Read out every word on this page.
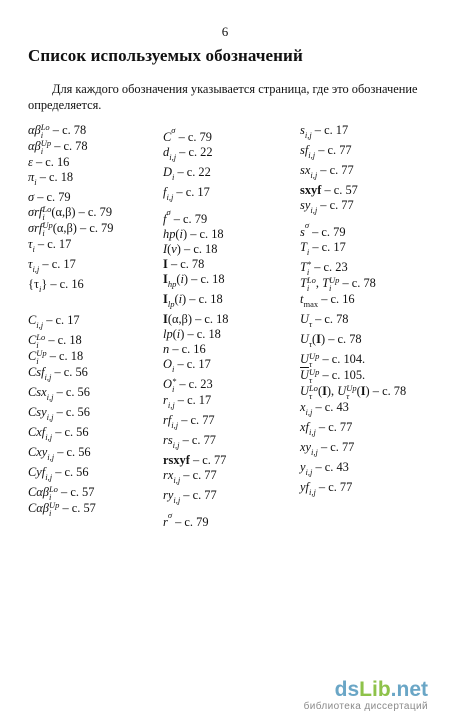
6
Список используемых обозначений
Для каждого обозначения указывается страница, где это обозначение определяется.
αβ Lo
i – с. 78
αβ Up
i – с. 78
ε – с. 16
$\pi_i$ – с. 18
σ – с. 79
σrf Lo
i (α,β) – с. 79
σrf Up
i (α,β) – с. 79
$\tau_i$ – с. 17
$\tau_{i,j}$ – с. 17
$\{\tau_i\}$ – с. 16
$C_{i,j}$ – с. 17
C Lo
i – с. 18
C Up
i – с. 18
Csf$_{i,j}$ – с. 56
Csx$_{i,j}$ – с. 56
Csy$_{i,j}$ – с. 56
Cxf$_{i,j}$ – с. 56
Cxy$_{i,j}$ – с. 56
Cyf$_{i,j}$ – с. 56
Cαβ Lo
i – с. 57
Cαβ Up
i – с. 57
$C^\sigma$ – с. 79
$d_{i,j}$ – с. 22
$D_i$ – с. 22
$f_{i,j}$ – с. 17
$f^\sigma$ – с. 79
hp(i) – с. 18
I(v) – с. 18
I – с. 78
$I_{hp}(i)$ – с. 18
$I_{lp}(i)$ – с. 18
I(α,β) – с. 18
lp(i) – с. 18
n – с. 16
$O_i$ – с. 17
O *
i – с. 23
$r_{i,j}$ – с. 17
$rf_{i,j}$ – с. 77
$rs_{i,j}$ – с. 77
rsxyf – с. 77
$rx_{i,j}$ – с. 77
$ry_{i,j}$ – с. 77
$r^\sigma$ – с. 79
$s_{i,j}$ – с. 17
$sf_{i,j}$ – с. 77
$sx_{i,j}$ – с. 77
sxyf – с. 57
$sy_{i,j}$ – с. 77
$s^\sigma$ – с. 79
$T_i$ – с. 17
T *
i – с. 23
T Lo
i , T Up
i – с. 78
$t_{max}$ – с. 16
$U_\tau$ – с. 78
$U_\tau(I)$ – с. 78
U Up
τ – с. 104.
$\overline{U}$ Up
τ – с. 105.
U Lo
τ (I), U Up
τ (I) – с. 78
$x_{i,j}$ – с. 43
$xf_{i,j}$ – с. 77
$xy_{i,j}$ – с. 77
$y_{i,j}$ – с. 43
$yf_{i,j}$ – с. 77
dsLib.net
библиотека диссертаций
